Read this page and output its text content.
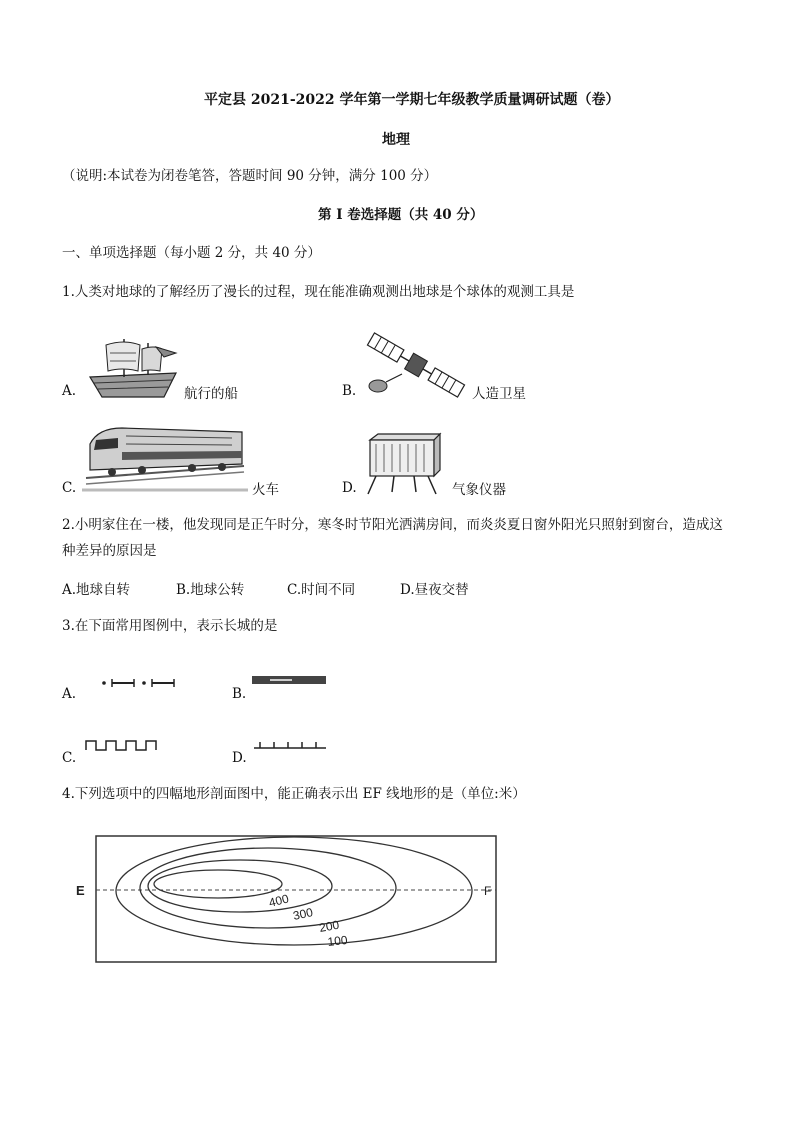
平定县 2021-2022 学年第一学期七年级教学质量调研试题（卷）
地理
（说明:本试卷为闭卷笔答，答题时间 90 分钟，满分 100 分）
第 I 卷选择题（共 40 分）
一、单项选择题（每小题 2 分，共 40 分）
1.人类对地球的了解经历了漫长的过程，现在能准确观测出地球是个球体的观测工具是
A.	航行的船	B.	人造卫星
C.	火车	D.	气象仪器
2.小明家住在一楼，他发现同是正午时分，寒冬时节阳光洒满房间，而炎炎夏日窗外阳光只照射到窗台，造成这种差异的原因是
A.地球自转	B.地球公转	C.时间不同	D.昼夜交替
3.在下面常用图例中，表示长城的是
A.	B.
C.	D.
4.下列选项中的四幅地形剖面图中，能正确表示出 EF 线地形的是（单位:米）
E	F
400
300
200
100
